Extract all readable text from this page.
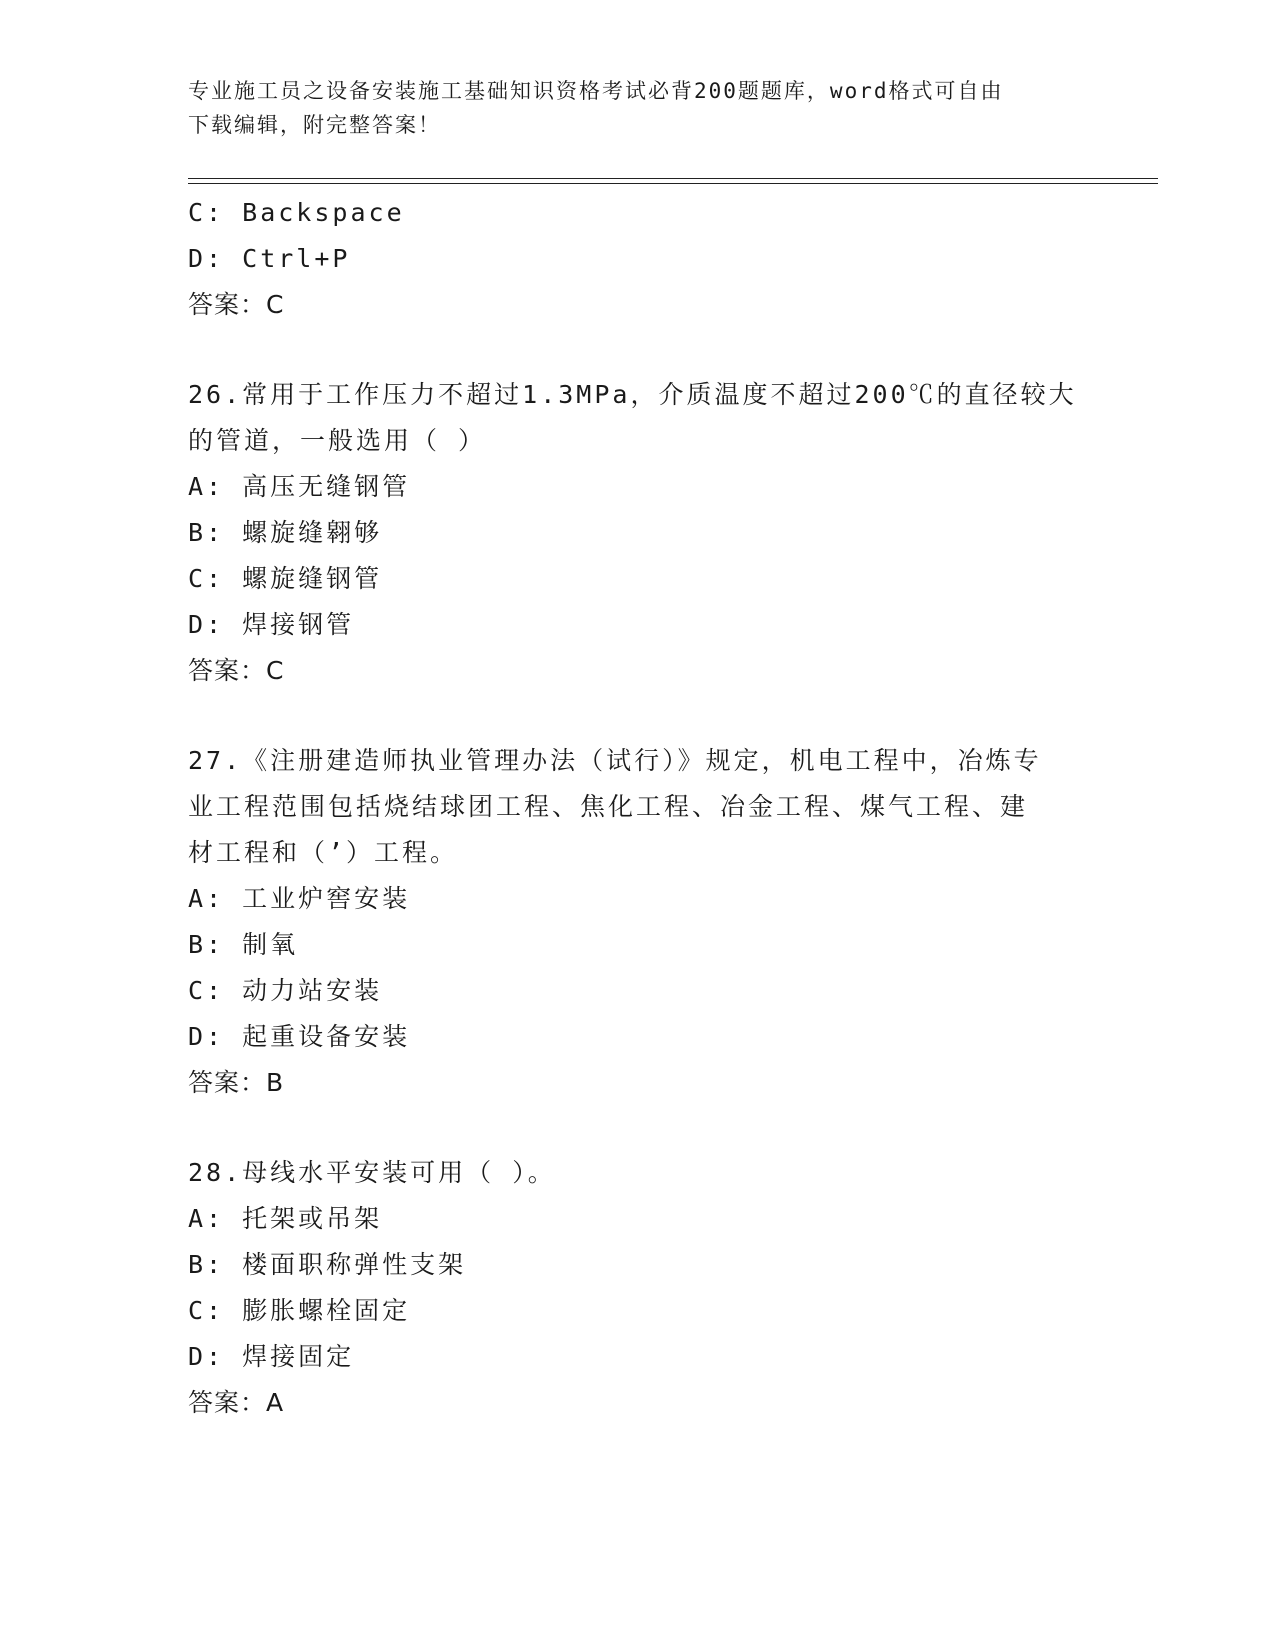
专业施工员之设备安装施工基础知识资格考试必背200题题库，word格式可自由
下载编辑，附完整答案！
C: Backspace
D: Ctrl+P
答案：C
26.常用于工作压力不超过1.3MPa，介质温度不超过200℃的直径较大
的管道，一般选用（ ）
A: 高压无缝钢管
B: 螺旋缝翱够
C: 螺旋缝钢管
D: 焊接钢管
答案：C
27.《注册建造师执业管理办法（试行）》规定，机电工程中，冶炼专
业工程范围包括烧结球团工程、焦化工程、冶金工程、煤气工程、建
材工程和（’）工程。
A: 工业炉窖安装
B: 制氧
C: 动力站安装
D: 起重设备安装
答案：B
28.母线水平安装可用（ ）。
A: 托架或吊架
B: 楼面职称弹性支架
C: 膨胀螺栓固定
D: 焊接固定
答案：A
